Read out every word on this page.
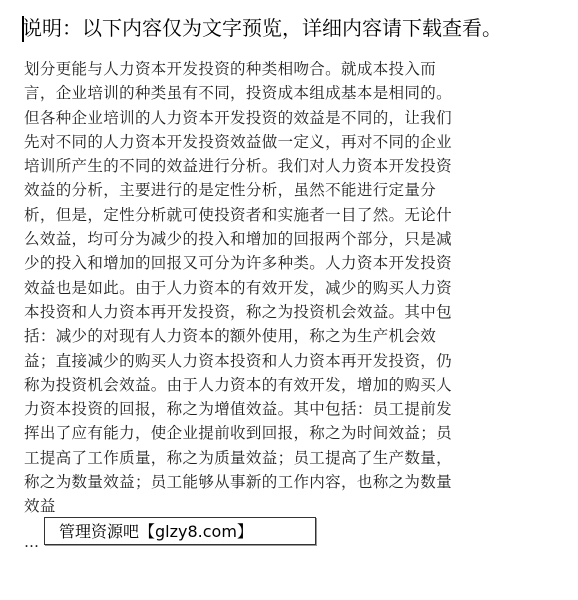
说明：以下内容仅为文字预览，详细内容请下载查看。
划分更能与人力资本开发投资的种类相吻合。就成本投入而
言，企业培训的种类虽有不同，投资成本组成基本是相同的。
但各种企业培训的人力资本开发投资的效益是不同的，让我们
先对不同的人力资本开发投资效益做一定义，再对不同的企业
培训所产生的不同的效益进行分析。我们对人力资本开发投资
效益的分析，主要进行的是定性分析，虽然不能进行定量分
析，但是，定性分析就可使投资者和实施者一目了然。无论什
么效益，均可分为减少的投入和增加的回报两个部分，只是减
少的投入和增加的回报又可分为许多种类。人力资本开发投资
效益也是如此。由于人力资本的有效开发，减少的购买人力资
本投资和人力资本再开发投资，称之为投资机会效益。其中包
括：减少的对现有人力资本的额外使用，称之为生产机会效
益；直接减少的购买人力资本投资和人力资本再开发投资，仍
称为投资机会效益。由于人力资本的有效开发，增加的购买人
力资本投资的回报，称之为增值效益。其中包括：员工提前发
挥出了应有能力，使企业提前收到回报，称之为时间效益；员
工提高了工作质量，称之为质量效益；员工提高了生产数量，
称之为数量效益；员工能够从事新的工作内容，也称之为数量
效益
…
管理资源吧【glzy8.com】
